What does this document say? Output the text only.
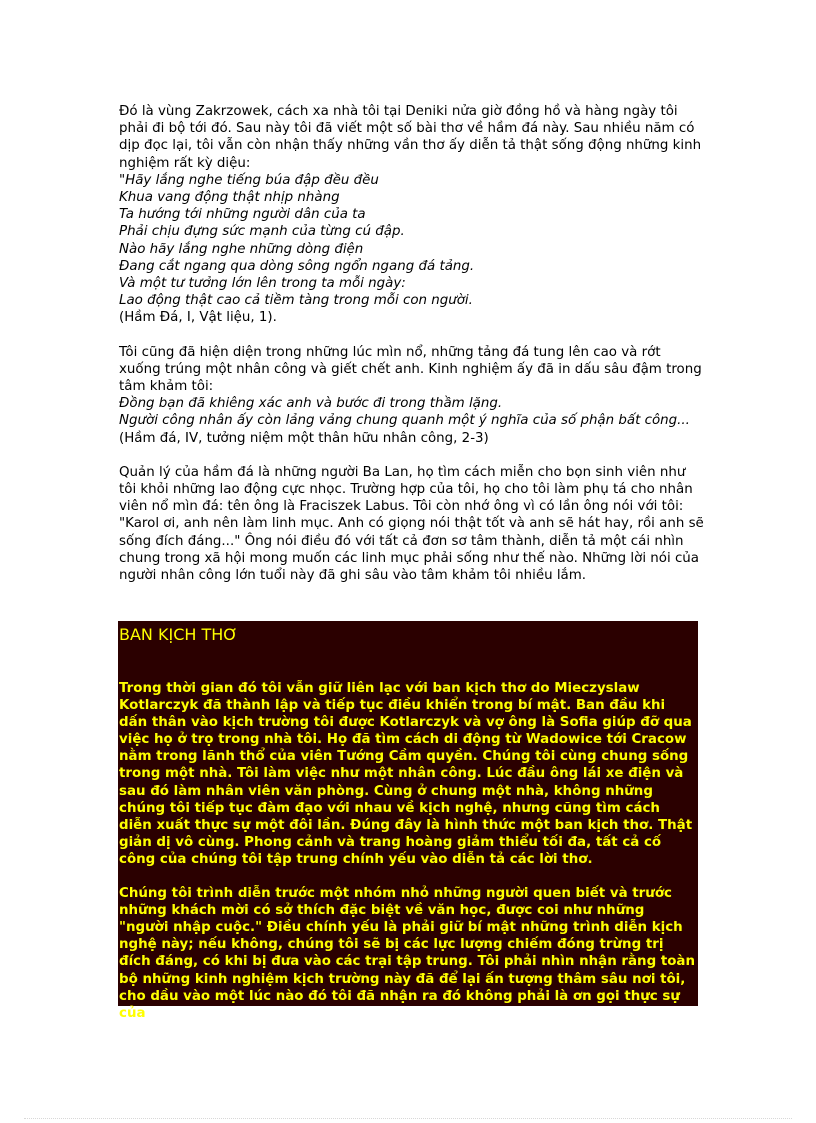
Đó là vùng Zakrzowek, cách xa nhà tôi tại Deniki nửa giờ đồng hồ và hàng ngày tôi phải đi bộ tới đó. Sau này tôi đã viết một số bài thơ về hầm đá này. Sau nhiều năm có dịp đọc lại, tôi vẫn còn nhận thấy những vần thơ ấy diễn tả thật sống động những kinh nghiệm rất kỳ diệu:

"Hãy lắng nghe tiếng búa đập đều đều
Khua vang động thật nhịp nhàng
Ta hướng tới những người dân của ta
Phải chịu đựng sức mạnh của từng cú đập.
Nào hãy lắng nghe những dòng điện
Đang cắt ngang qua dòng sông ngổn ngang đá tảng.
Và một tư tưởng lớn lên trong ta mỗi ngày:
Lao động thật cao cả tiềm tàng trong mỗi con người.

(Hầm Đá, I, Vật liệu, 1).

Tôi cũng đã hiện diện trong những lúc mìn nổ, những tảng đá tung lên cao và rớt xuống trúng một nhân công và giết chết anh. Kinh nghiệm ấy đã in dấu sâu đậm trong tâm khảm tôi:

Đồng bạn đã khiêng xác anh và bước đi trong thầm lặng.
Người công nhân ấy còn lảng vảng chung quanh một ý nghĩa của số phận bất công...

(Hầm đá, IV, tưởng niệm một thân hữu nhân công, 2-3)

Quản lý của hầm đá là những người Ba Lan, họ tìm cách miễn cho bọn sinh viên như tôi khỏi những lao động cực nhọc. Trường hợp của tôi, họ cho tôi làm phụ tá cho nhân viên nổ mìn đá: tên ông là Fraciszek Labus. Tôi còn nhớ ông vì có lần ông nói với tôi: "Karol ơi, anh nên làm linh mục. Anh có giọng nói thật tốt và anh sẽ hát hay, rồi anh sẽ sống đích đáng..." Ông nói điều đó với tất cả đơn sơ tâm thành, diễn tả một cái nhìn chung trong xã hội mong muốn các linh mục phải sống như thế nào. Những lời nói của người nhân công lớn tuổi này đã ghi sâu vào tâm khảm tôi nhiều lắm.

BAN KỊCH THƠ

Trong thời gian đó tôi vẫn giữ liên lạc với ban kịch thơ do Mieczyslaw Kotlarczyk đã thành lập và tiếp tục điều khiển trong bí mật. Ban đầu khi dấn thân vào kịch trường tôi được Kotlarczyk và vợ ông là Sofia giúp đỡ qua việc họ ở trọ trong nhà tôi. Họ đã tìm cách di động từ Wadowice tới Cracow nằm trong lãnh thổ của viên Tướng Cầm quyền. Chúng tôi cùng chung sống trong một nhà. Tôi làm việc như một nhân công. Lúc đầu ông lái xe điện và sau đó làm nhân viên văn phòng. Cùng ở chung một nhà, không những chúng tôi tiếp tục đàm đạo với nhau về kịch nghệ, nhưng cũng tìm cách diễn xuất thực sự một đôi lần. Đúng đây là hình thức một ban kịch thơ. Thật giản dị vô cùng. Phong cảnh và trang hoàng giảm thiểu tối đa, tất cả cố công của chúng tôi tập trung chính yếu vào diễn tả các lời thơ.

Chúng tôi trình diễn trước một nhóm nhỏ những người quen biết và trước những khách mời có sở thích đặc biệt về văn học, được coi như những "người nhập cuộc." Điều chính yếu là phải giữ bí mật những trình diễn kịch nghệ này; nếu không, chúng tôi sẽ bị các lực lượng chiếm đóng trừng trị đích đáng, có khi bị đưa vào các trại tập trung. Tôi phải nhìn nhận rằng toàn bộ những kinh nghiệm kịch trường này đã để lại ấn tượng thâm sâu nơi tôi, cho dầu vào một lúc nào đó tôi đã nhận ra đó không phải là ơn gọi thực sự của
